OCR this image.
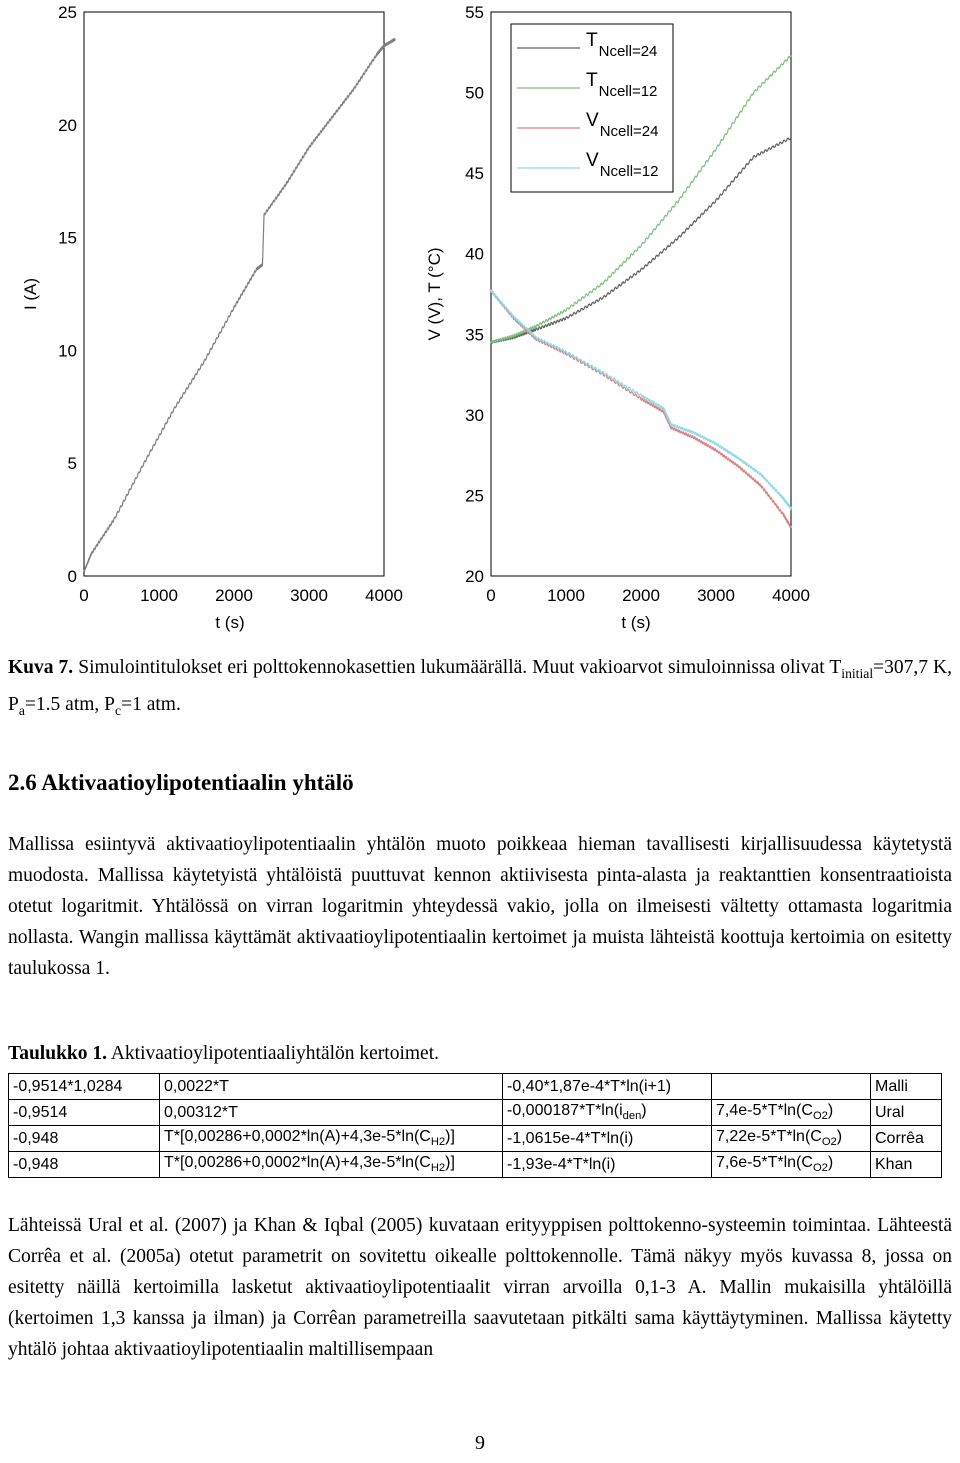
0	1000 2000 3000 4000
0
5
10
15
20
25
t (s)
I (A)
0	1000 2000 3000 4000
20
25
30
35
40
45
50
55
t (s)
V (V), T (°C)
TNcell=24
TNcell=12
VNcell=24
VNcell=12

Kuva 7. Simulointitulokset eri polttokennokasettien lukumäärällä. Muut vakioarvot simuloinnissa olivat $T_{initial}=307,7$ K, $P_a=1.5$ atm, $P_c=1$ atm.

2.6 Aktivaatioylipotentiaalin yhtälö

Mallissa esiintyvä aktivaatioylipotentiaalin yhtälön muoto poikkeaa hieman tavallisesti kirjallisuudessa käytetystä muodosta. Mallissa käytetyistä yhtälöistä puuttuvat kennon aktiivisesta pinta-alasta ja reaktanttien konsentraatioista otetut logaritmit. Yhtälössä on virran logaritmin yhteydessä vakio, jolla on ilmeisesti vältetty ottamasta logaritmia nollasta. Wangin mallissa käyttämät aktivaatioylipotentiaalin kertoimet ja muista lähteistä koottuja kertoimia on esitetty taulukossa 1.

Taulukko 1. Aktivaatioylipotentiaaliyhtälön kertoimet.

-0,9514*1,0284	0,0022*T	-0,40*1,87e-4*T*ln(i+1)		Malli
-0,9514	0,00312*T	$-0,000187*T*\ln(i_{den})$	$7,4e-5*T*\ln(C_{O2})$	Ural
-0,948	$T*[0,00286+0,0002*\ln(A)+4,3e-5*\ln(C_{H2})]$	-1,0615e-4*T*ln(i)	$7,22e-5*T*\ln(C_{O2})$	Corrêa
-0,948	$T*[0,00286+0,0002*\ln(A)+4,3e-5*\ln(C_{H2})]$	-1,93e-4*T*ln(i)	$7,6e-5*T*\ln(C_{O2})$	Khan

Lähteissä Ural et al. (2007) ja Khan & Iqbal (2005) kuvataan erityyppisen polttokenno-systeemin toimintaa. Lähteestä Corrêa et al. (2005a) otetut parametrit on sovitettu oikealle polttokennolle. Tämä näkyy myös kuvassa 8, jossa on esitetty näillä kertoimilla lasketut aktivaatioylipotentiaalit virran arvoilla 0,1-3 A. Mallin mukaisilla yhtälöillä (kertoimen 1,3 kanssa ja ilman) ja Corrêan parametreilla saavutetaan pitkälti sama käyttäytyminen. Mallissa käytetty yhtälö johtaa aktivaatioylipotentiaalin maltillisempaan

9
